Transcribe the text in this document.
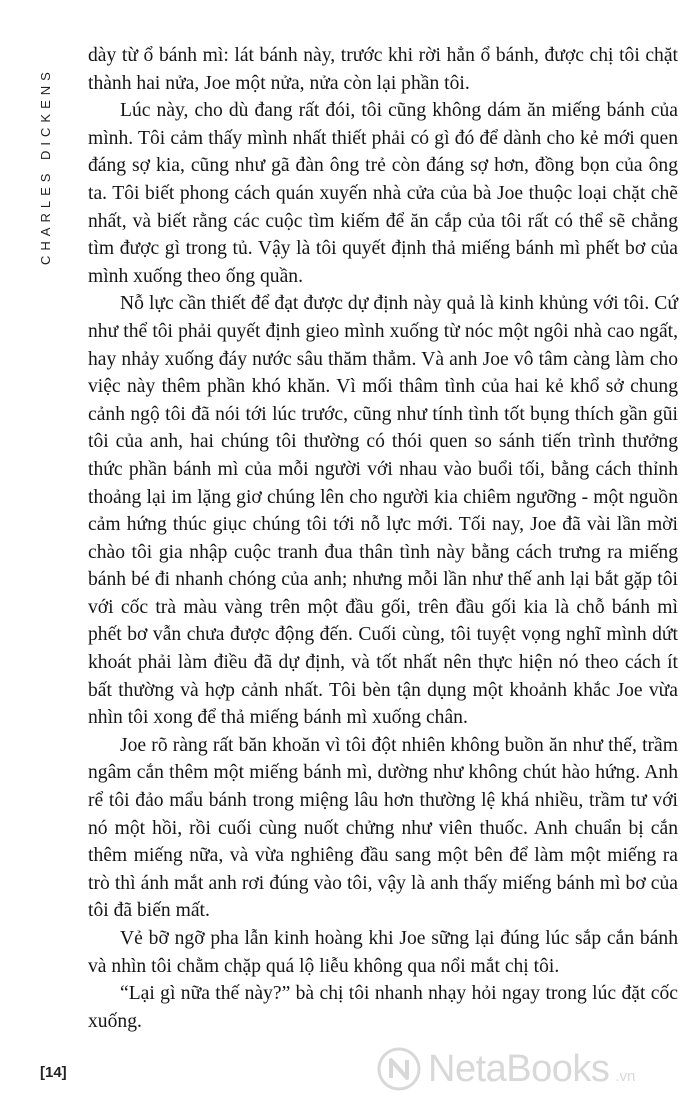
CHARLES DICKENS

dày từ ổ bánh mì: lát bánh này, trước khi rời hẳn ổ bánh, được chị tôi chặt thành hai nửa, Joe một nửa, nửa còn lại phần tôi.

Lúc này, cho dù đang rất đói, tôi cũng không dám ăn miếng bánh của mình. Tôi cảm thấy mình nhất thiết phải có gì đó để dành cho kẻ mới quen đáng sợ kia, cũng như gã đàn ông trẻ còn đáng sợ hơn, đồng bọn của ông ta. Tôi biết phong cách quán xuyến nhà cửa của bà Joe thuộc loại chặt chẽ nhất, và biết rằng các cuộc tìm kiếm để ăn cắp của tôi rất có thể sẽ chẳng tìm được gì trong tủ. Vậy là tôi quyết định thả miếng bánh mì phết bơ của mình xuống theo ống quần.

Nỗ lực cần thiết để đạt được dự định này quả là kinh khủng với tôi. Cứ như thể tôi phải quyết định gieo mình xuống từ nóc một ngôi nhà cao ngất, hay nhảy xuống đáy nước sâu thăm thẳm. Và anh Joe vô tâm càng làm cho việc này thêm phần khó khăn. Vì mối thâm tình của hai kẻ khổ sở chung cảnh ngộ tôi đã nói tới lúc trước, cũng như tính tình tốt bụng thích gần gũi tôi của anh, hai chúng tôi thường có thói quen so sánh tiến trình thưởng thức phần bánh mì của mỗi người với nhau vào buổi tối, bằng cách thỉnh thoảng lại im lặng giơ chúng lên cho người kia chiêm ngưỡng - một nguồn cảm hứng thúc giục chúng tôi tới nỗ lực mới. Tối nay, Joe đã vài lần mời chào tôi gia nhập cuộc tranh đua thân tình này bằng cách trưng ra miếng bánh bé đi nhanh chóng của anh; nhưng mỗi lần như thế anh lại bắt gặp tôi với cốc trà màu vàng trên một đầu gối, trên đầu gối kia là chỗ bánh mì phết bơ vẫn chưa được động đến. Cuối cùng, tôi tuyệt vọng nghĩ mình dứt khoát phải làm điều đã dự định, và tốt nhất nên thực hiện nó theo cách ít bất thường và hợp cảnh nhất. Tôi bèn tận dụng một khoảnh khắc Joe vừa nhìn tôi xong để thả miếng bánh mì xuống chân.

Joe rõ ràng rất băn khoăn vì tôi đột nhiên không buồn ăn như thế, trầm ngâm cắn thêm một miếng bánh mì, dường như không chút hào hứng. Anh rể tôi đảo mẩu bánh trong miệng lâu hơn thường lệ khá nhiều, trầm tư với nó một hồi, rồi cuối cùng nuốt chửng như viên thuốc. Anh chuẩn bị cắn thêm miếng nữa, và vừa nghiêng đầu sang một bên để làm một miếng ra trò thì ánh mắt anh rơi đúng vào tôi, vậy là anh thấy miếng bánh mì bơ của tôi đã biến mất.

Vẻ bỡ ngỡ pha lẫn kinh hoàng khi Joe sững lại đúng lúc sắp cắn bánh và nhìn tôi chằm chặp quá lộ liễu không qua nổi mắt chị tôi.

“Lại gì nữa thế này?” bà chị tôi nhanh nhạy hỏi ngay trong lúc đặt cốc xuống.

[14]	NetaBooks .vn
